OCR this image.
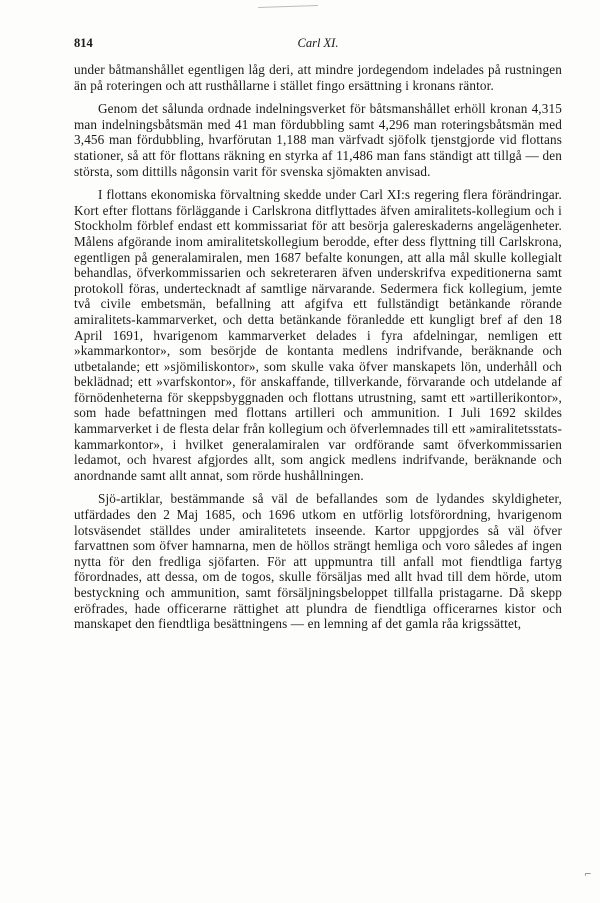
814	Carl XI.

under båtmanshållet egentligen låg deri, att mindre jordegendom indelades på rustningen än på roteringen och att rusthållarne i stället fingo ersättning i kronans räntor.

Genom det sålunda ordnade indelningsverket för båtsmanshållet erhöll kronan 4,315 man indelningsbåtsmän med 41 man fördubbling samt 4,296 man roteringsbåtsmän med 3,456 man fördubbling, hvarförutan 1,188 man värfvadt sjöfolk tjenstgjorde vid flottans stationer, så att för flottans räkning en styrka af 11,486 man fans ständigt att tillgå — den största, som dittills någonsin varit för svenska sjömakten anvisad.

I flottans ekonomiska förvaltning skedde under Carl XI:s regering flera förändringar. Kort efter flottans förläggande i Carlskrona ditflyttades äfven amiralitets-kollegium och i Stockholm förblef endast ett kommissariat för att besörja galereskaderns angelägenheter. Målens afgörande inom amiralitetskollegium berodde, efter dess flyttning till Carlskrona, egentligen på generalamiralen, men 1687 befalte konungen, att alla mål skulle kollegialt behandlas, öfverkommissarien och sekreteraren äfven underskrifva expeditionerna samt protokoll föras, undertecknadt af samtlige närvarande. Sedermera fick kollegium, jemte två civile embetsmän, befallning att afgifva ett fullständigt betänkande rörande amiralitets-kammarverket, och detta betänkande föranledde ett kungligt bref af den 18 April 1691, hvarigenom kammarverket delades i fyra afdelningar, nemligen ett »kammarkontor», som besörjde de kontanta medlens indrifvande, beräknande och utbetalande; ett »sjömiliskontor», som skulle vaka öfver manskapets lön, underhåll och beklädnad; ett »varfskontor», för anskaffande, tillverkande, förvarande och utdelande af förnödenheterna för skeppsbyggnaden och flottans utrustning, samt ett »artillerikontor», som hade befattningen med flottans artilleri och ammunition. I Juli 1692 skildes kammarverket i de flesta delar från kollegium och öfverlemnades till ett »amiralitetsstats-kammarkontor», i hvilket generalamiralen var ordförande samt öfverkommissarien ledamot, och hvarest afgjordes allt, som angick medlens indrifvande, beräknande och anordnande samt allt annat, som rörde hushållningen.

Sjö-artiklar, bestämmande så väl de befallandes som de lydandes skyldigheter, utfärdades den 2 Maj 1685, och 1696 utkom en utförlig lotsförordning, hvarigenom lotsväsendet ställdes under amiralitetets inseende. Kartor uppgjordes så väl öfver farvattnen som öfver hamnarna, men de höllos strängt hemliga och voro således af ingen nytta för den fredliga sjöfarten. För att uppmuntra till anfall mot fiendtliga fartyg förordnades, att dessa, om de togos, skulle försäljas med allt hvad till dem hörde, utom bestyckning och ammunition, samt försäljningsbeloppet tillfalla pristagarne. Då skepp eröfrades, hade officerarne rättighet att plundra de fiendtliga officerarnes kistor och manskapet den fiendtliga besättningens — en lemning af det gamla råa krigssättet,

⌐
